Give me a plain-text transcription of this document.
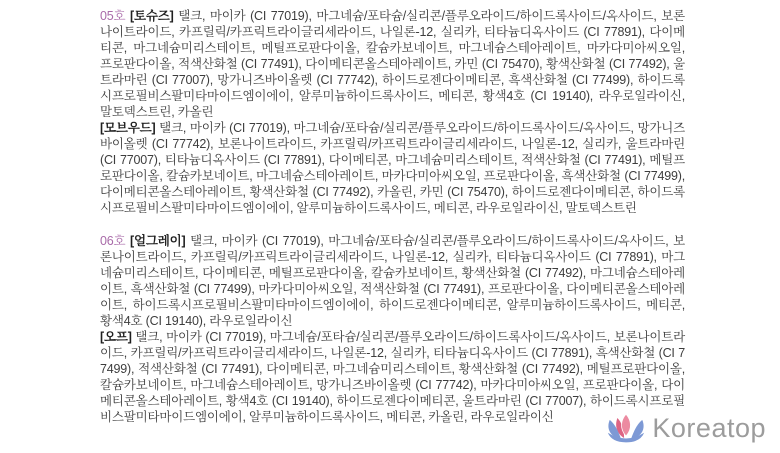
05호 [토슈즈] 탤크, 마이카 (CI 77019), 마그네슘/포타슘/실리콘/플루오라이드/하이드록사이드/옥사이드, 보론나이트라이드, 카프릴릭/카프릭트라이글리세라이드, 나일론-12, 실리카, 티타늄디옥사이드 (CI 77891), 다이메티콘, 마그네슘미리스테이트, 메틸프로판다이올, 칼슘카보네이트, 마그네슘스테아레이트, 마카다미아씨오일, 프로판다이올, 적색산화철 (CI 77491), 다이메티콘올스테아레이트, 카민 (CI 75470), 황색산화철 (CI 77492), 울트라마린 (CI 77007), 망가니즈바이올렛 (CI 77742), 하이드로젠다이메티콘, 흑색산화철 (CI 77499), 하이드록시프로필비스팔미타마이드엠이에이, 알루미늄하이드록사이드, 메티콘, 황색4호 (CI 19140), 라우로일라이신, 말토덱스트린, 카올린

[모브우드] 탤크, 마이카 (CI 77019), 마그네슘/포타슘/실리콘/플루오라이드/하이드록사이드/옥사이드, 망가니즈바이올렛 (CI 77742), 보론나이트라이드, 카프릴릭/카프릭트라이글리세라이드, 나일론-12, 실리카, 울트라마린 (CI 77007), 티타늄디옥사이드 (CI 77891), 다이메티콘, 마그네슘미리스테이트, 적색산화철 (CI 77491), 메틸프로판다이올, 칼슘카보네이트, 마그네슘스테아레이트, 마카다미아씨오일, 프로판다이올, 흑색산화철 (CI 77499), 다이메티콘올스테아레이트, 황색산화철 (CI 77492), 카올린, 카민 (CI 75470), 하이드로젠다이메티콘, 하이드록시프로필비스팔미타마이드엠이에이, 알루미늄하이드록사이드, 메티콘, 라우로일라이신, 말토덱스트린

06호 [얼그레이] 탤크, 마이카 (CI 77019), 마그네슘/포타슘/실리콘/플루오라이드/하이드록사이드/옥사이드, 보론나이트라이드, 카프릴릭/카프릭트라이글리세라이드, 나일론-12, 실리카, 티타늄디옥사이드 (CI 77891), 마그네슘미리스테이트, 다이메티콘, 메틸프로판다이올, 칼슘카보네이트, 황색산화철 (CI 77492), 마그네슘스테아레이트, 흑색산화철 (CI 77499), 마카다미아씨오일, 적색산화철 (CI 77491), 프로판다이올, 다이메티콘올스테아레이트, 하이드록시프로필비스팔미타마이드엠이에이, 하이드로젠다이메티콘, 알루미늄하이드록사이드, 메티콘, 황색4호 (CI 19140), 라우로일라이신

[오프] 탤크, 마이카 (CI 77019), 마그네슘/포타슘/실리콘/플루오라이드/하이드록사이드/옥사이드, 보론나이트라이드, 카프릴릭/카프릭트라이글리세라이드, 나일론-12, 실리카, 티타늄디옥사이드 (CI 77891), 흑색산화철 (CI 77499), 적색산화철 (CI 77491), 다이메티콘, 마그네슘미리스테이트, 황색산화철 (CI 77492), 메틸프로판다이올, 칼슘카보네이트, 마그네슘스테아레이트, 망가니즈바이올렛 (CI 77742), 마카다미아씨오일, 프로판다이올, 다이메티콘올스테아레이트, 황색4호 (CI 19140), 하이드로젠다이메티콘, 울트라마린 (CI 77007), 하이드록시프로필비스팔미타마이드엠이에이, 알루미늄하이드록사이드, 메티콘, 카올린, 라우로일라이신	Koreatop
